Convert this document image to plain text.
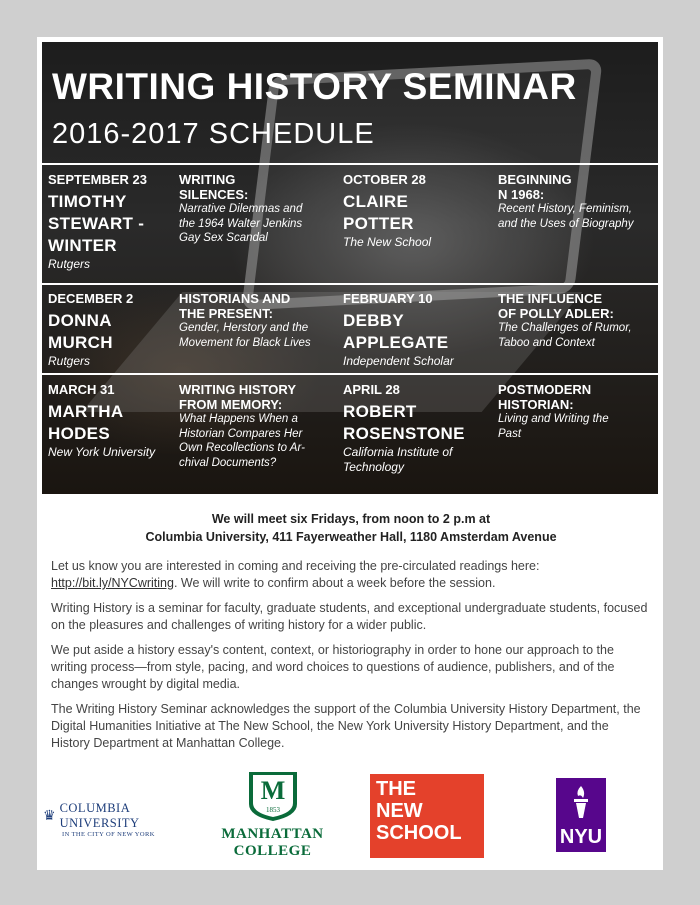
WRITING HISTORY SEMINAR
2016-2017 SCHEDULE
SEPTEMBER 23
TIMOTHY
STEWART -
WINTER
Rutgers
WRITING
SILENCES:
Narrative Dilemmas and
the 1964 Walter Jenkins
Gay Sex Scandal
OCTOBER 28
CLAIRE
POTTER
The New School
BEGINNING
N 1968:
Recent History, Feminism,
and the Uses of Biography
DECEMBER 2
DONNA
MURCH
Rutgers
HISTORIANS AND
THE PRESENT:
Gender, Herstory and the
Movement for Black Lives
FEBRUARY 10
DEBBY
APPLEGATE
Independent Scholar
THE INFLUENCE
OF POLLY ADLER:
The Challenges of Rumor,
Taboo and Context
MARCH 31
MARTHA
HODES
New York University
WRITING HISTORY
FROM MEMORY:
What Happens When a
Historian Compares Her
Own Recollections to Ar-
chival Documents?
APRIL 28
ROBERT
ROSENSTONE
California Institute of
Technology
POSTMODERN
HISTORIAN:
Living and Writing the
Past
We will meet six Fridays, from noon to 2 p.m at
Columbia University, 411 Fayerweather Hall, 1180 Amsterdam Avenue
Let us know you are interested in coming and receiving the pre-circulated readings here:
http://bit.ly/NYCwriting. We will write to confirm about a week before the session.
Writing History is a seminar for faculty, graduate students, and exceptional undergraduate students, focused on the pleasures and challenges of writing history for a wider public.
We put aside a history essay's content, context, or historiography in order to hone our approach to the writing process—from style, pacing, and word choices to questions of audience, publishers, and of the changes wrought by digital media.
The Writing History Seminar acknowledges the support of the Columbia University History Department, the Digital Humanities Initiative at The New School, the New York University History Department, and the History Department at Manhattan College.
♛ COLUMBIA UNIVERSITY
IN THE CITY OF NEW YORK
M
1853
MANHATTAN
COLLEGE
THE
NEW
SCHOOL	NYU
